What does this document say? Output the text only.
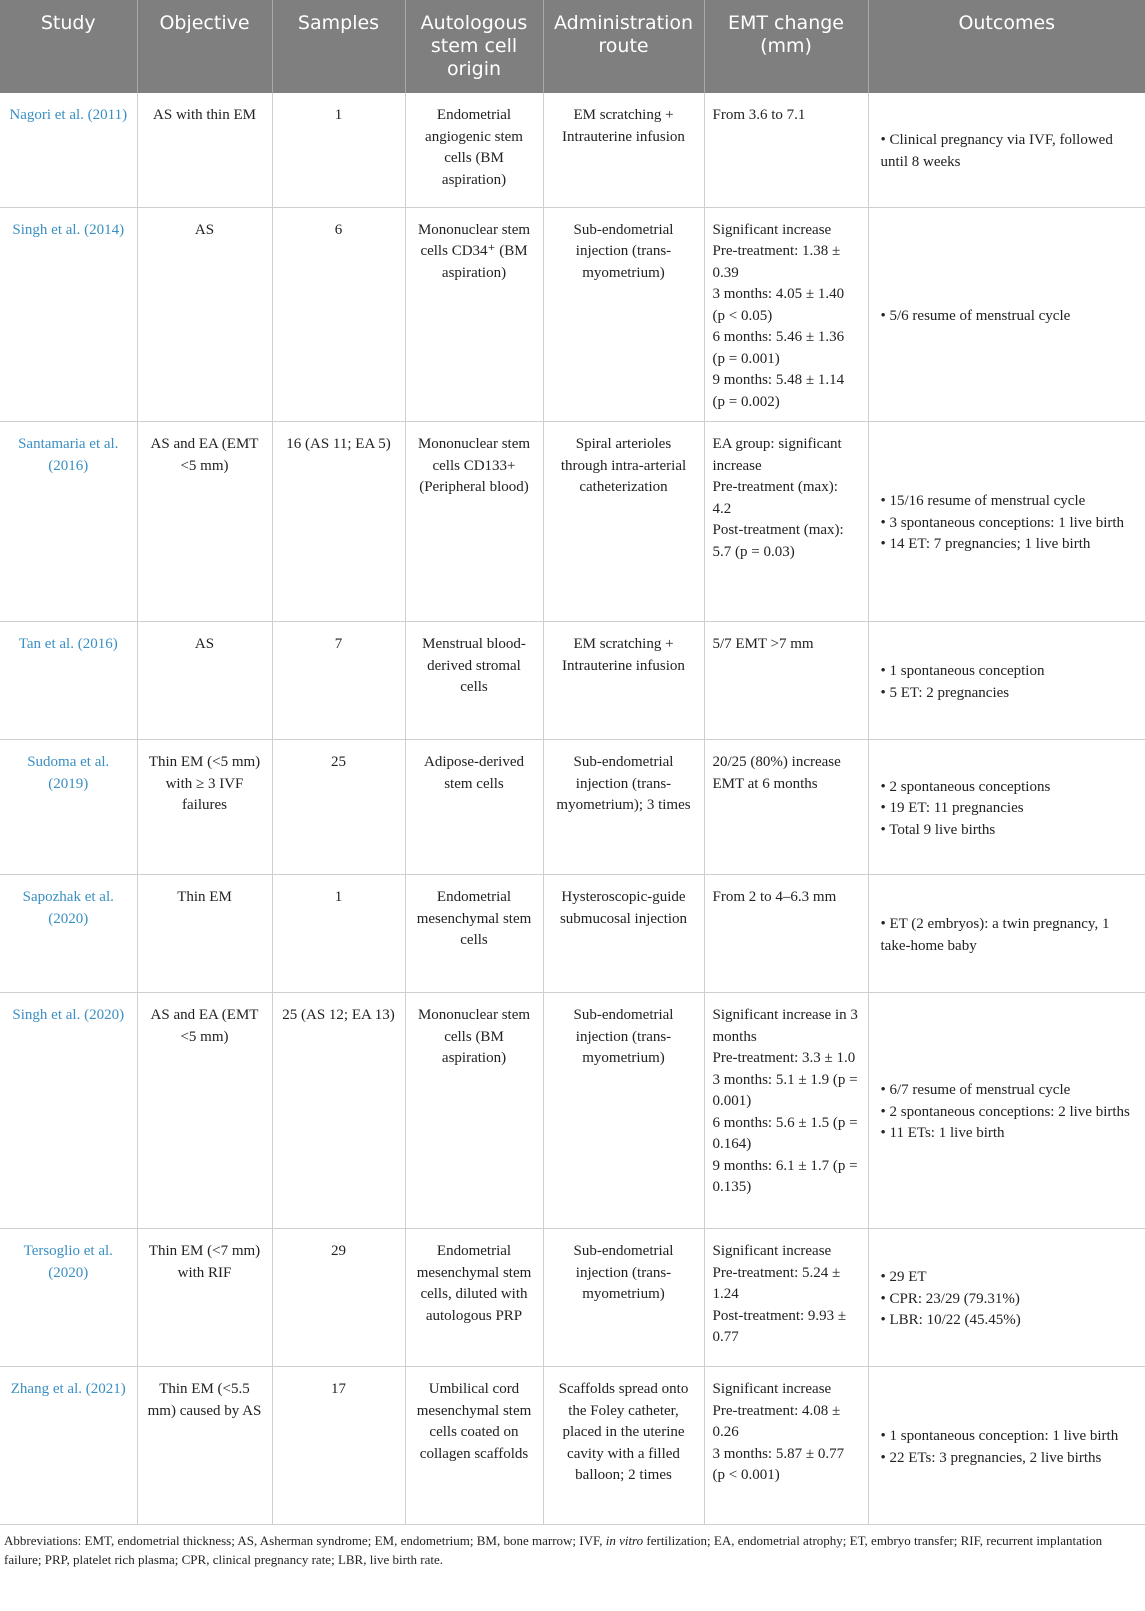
Study	Objective	Samples	Autologous stem cell origin	Administration route	EMT change (mm)	Outcomes
Nagori et al. (2011)	AS with thin EM	1	Endometrial angiogenic stem cells (BM aspiration)	EM scratching + Intrauterine infusion	From 3.6 to 7.1	• Clinical pregnancy via IVF, followed until 8 weeks

Singh et al. (2014)	AS	6	Mononuclear stem cells CD34⁺ (BM aspiration)	Sub-endometrial injection (trans-myometrium)	Significant increase
Pre-treatment: 1.38 ± 0.39
3 months: 4.05 ± 1.40 (p < 0.05)
6 months: 5.46 ± 1.36 (p = 0.001)
9 months: 5.48 ± 1.14 (p = 0.002)	• 5/6 resume of menstrual cycle

Santamaria et al. (2016)	AS and EA (EMT <5 mm)	16 (AS 11; EA 5)	Mononuclear stem cells CD133+ (Peripheral blood)	Spiral arterioles through intra-arterial catheterization	EA group: significant increase
Pre-treatment (max): 4.2
Post-treatment (max): 5.7 (p = 0.03)	• 15/16 resume of menstrual cycle
• 3 spontaneous conceptions: 1 live birth
• 14 ET: 7 pregnancies; 1 live birth

Tan et al. (2016)	AS	7	Menstrual blood-derived stromal cells	EM scratching + Intrauterine infusion	5/7 EMT >7 mm	• 1 spontaneous conception
• 5 ET: 2 pregnancies

Sudoma et al. (2019)	Thin EM (<5 mm) with ≥ 3 IVF failures	25	Adipose-derived stem cells	Sub-endometrial injection (trans-myometrium); 3 times	20/25 (80%) increase EMT at 6 months	• 2 spontaneous conceptions
• 19 ET: 11 pregnancies
• Total 9 live births

Sapozhak et al. (2020)	Thin EM	1	Endometrial mesenchymal stem cells	Hysteroscopic-guide submucosal injection	From 2 to 4–6.3 mm	• ET (2 embryos): a twin pregnancy, 1 take-home baby

Singh et al. (2020)	AS and EA (EMT <5 mm)	25 (AS 12; EA 13)	Mononuclear stem cells (BM aspiration)	Sub-endometrial injection (trans-myometrium)	Significant increase in 3 months
Pre-treatment: 3.3 ± 1.0
3 months: 5.1 ± 1.9 (p = 0.001)
6 months: 5.6 ± 1.5 (p = 0.164)
9 months: 6.1 ± 1.7 (p = 0.135)	• 6/7 resume of menstrual cycle
• 2 spontaneous conceptions: 2 live births
• 11 ETs: 1 live birth

Tersoglio et al. (2020)	Thin EM (<7 mm) with RIF	29	Endometrial mesenchymal stem cells, diluted with autologous PRP	Sub-endometrial injection (trans-myometrium)	Significant increase
Pre-treatment: 5.24 ± 1.24
Post-treatment: 9.93 ± 0.77	• 29 ET
• CPR: 23/29 (79.31%)
• LBR: 10/22 (45.45%)

Zhang et al. (2021)	Thin EM (<5.5 mm) caused by AS	17	Umbilical cord mesenchymal stem cells coated on collagen scaffolds	Scaffolds spread onto the Foley catheter, placed in the uterine cavity with a filled balloon; 2 times	Significant increase
Pre-treatment: 4.08 ± 0.26
3 months: 5.87 ± 0.77 (p < 0.001)	• 1 spontaneous conception: 1 live birth
• 22 ETs: 3 pregnancies, 2 live births
Abbreviations: EMT, endometrial thickness; AS, Asherman syndrome; EM, endometrium; BM, bone marrow; IVF, in vitro fertilization; EA, endometrial atrophy; ET, embryo transfer; RIF, recurrent implantation failure; PRP, platelet rich plasma; CPR, clinical pregnancy rate; LBR, live birth rate.
